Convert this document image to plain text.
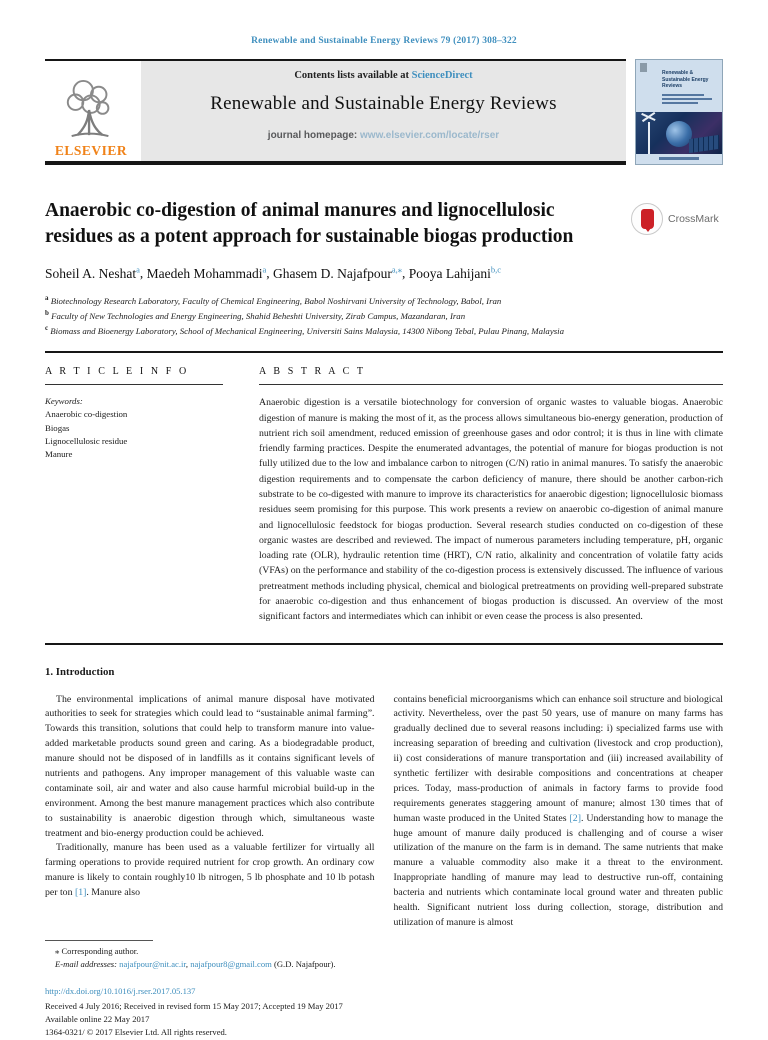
Renewable and Sustainable Energy Reviews 79 (2017) 308–322
ELSEVIER
Contents lists available at ScienceDirect
Renewable and Sustainable Energy Reviews
journal homepage: www.elsevier.com/locate/rser
Renewable & Sustainable Energy Reviews
Anaerobic co-digestion of animal manures and lignocellulosic residues as a potent approach for sustainable biogas production
CrossMark
Soheil A. Neshat$^a$, Maedeh Mohammadi$^a$, Ghasem D. Najafpour$^{a,⁎}$, Pooya Lahijani$^{b,c}$
$^a$ Biotechnology Research Laboratory, Faculty of Chemical Engineering, Babol Noshirvani University of Technology, Babol, Iran
$^b$ Faculty of New Technologies and Energy Engineering, Shahid Beheshti University, Zirab Campus, Mazandaran, Iran
$^c$ Biomass and Bioenergy Laboratory, School of Mechanical Engineering, Universiti Sains Malaysia, 14300 Nibong Tebal, Pulau Pinang, Malaysia
A R T I C L E I N F O
Keywords:
Anaerobic co-digestion
Biogas
Lignocellulosic residue
Manure
A B S T R A C T
Anaerobic digestion is a versatile biotechnology for conversion of organic wastes to valuable biogas. Anaerobic digestion of manure is making the most of it, as the process allows simultaneous bio-energy generation, production of nutrient rich soil amendment, reduced emission of greenhouse gases and odor control; it is thus in line with climate friendly farming practices. Despite the enumerated advantages, the potential of manure for biogas production is not fully utilized due to the low and imbalance carbon to nitrogen (C/N) ratio in animal manures. To satisfy the anaerobic digestion requirements and to compensate the carbon deficiency of manure, there should be another carbon-rich substrate to be co-digested with manure to improve its characteristics for anaerobic digestion; lignocellulosic biomass residues seem promising for this purpose. This work presents a review on anaerobic co-digestion of animal manure and lignocellulosic feedstock for biogas production. Several research studies conducted on co-digestion of these organic wastes are described and reviewed. The impact of numerous parameters including temperature, pH, organic loading rate (OLR), hydraulic retention time (HRT), C/N ratio, alkalinity and concentration of volatile fatty acids (VFAs) on the performance and stability of the co-digestion process is extensively discussed. The influence of various pretreatment methods including physical, chemical and biological pretreatments on providing well-prepared substrate for anaerobic co-digestion and thus enhancement of biogas production is discussed. An overview of the most significant factors and intermediates which can inhibit or even cease the process is also presented.
1. Introduction

The environmental implications of animal manure disposal have motivated authorities to seek for strategies which could lead to “sustainable animal farming”. Towards this transition, solutions that could help to transform manure into value-added marketable products sound green and caring. As a biodegradable product, manure should not be disposed of in landfills as it contains significant levels of nutrients and pathogens. Any improper management of this valuable waste can contaminate soil, air and water and also cause harmful microbial build-up in the environment. Among the best manure management practices which also contribute to sustainability is anaerobic digestion through which, simultaneous waste treatment and bio-energy production could be achieved.

Traditionally, manure has been used as a valuable fertilizer for virtually all farming operations to provide required nutrient for crop growth. An ordinary cow manure is likely to contain roughly10 lb nitrogen, 5 lb phosphate and 10 lb potash per ton [1]. Manure also

contains beneficial microorganisms which can enhance soil structure and biological activity. Nevertheless, over the past 50 years, use of manure on many farms has gradually declined due to several reasons including: i) specialized farms use with increasing separation of breeding and cultivation (livestock and crop production), ii) cost considerations of manure transportation and (iii) increased availability of synthetic fertilizer with desirable compositions and concentrations at cheaper prices. Today, mass-production of animals in factory farms to provide food requirements generates staggering amount of manure; almost 130 times that of human waste produced in the United States [2]. Understanding how to manage the huge amount of manure daily produced is challenging and of course a wiser utilization of the manure on the farm is in demand. The same nutrients that make manure a valuable commodity also make it a threat to the environment. Inappropriate handling of manure may lead to destructive run-off, containing bacteria and nutrients which contaminate local ground water and threaten public health. Significant nutrient loss during collection, storage, distribution and utilization of manure is almost

⁎ Corresponding author.
E-mail addresses: najafpour@nit.ac.ir, najafpour8@gmail.com (G.D. Najafpour).
http://dx.doi.org/10.1016/j.rser.2017.05.137
Received 4 July 2016; Received in revised form 15 May 2017; Accepted 19 May 2017
Available online 22 May 2017
1364-0321/ © 2017 Elsevier Ltd. All rights reserved.
